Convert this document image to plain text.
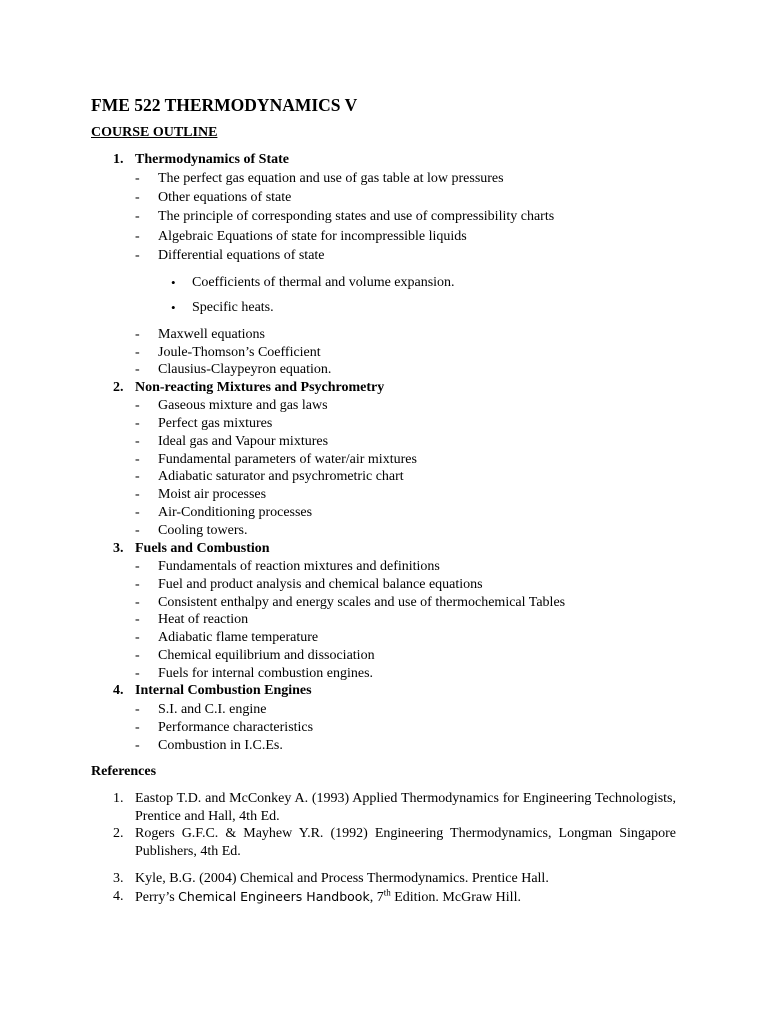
FME 522 THERMODYNAMICS V
COURSE OUTLINE
1. Thermodynamics of State
- The perfect gas equation and use of gas table at low pressures
- Other equations of state
- The principle of corresponding states and use of compressibility charts
- Algebraic Equations of state for incompressible liquids
- Differential equations of state
• Coefficients of thermal and volume expansion.
• Specific heats.
- Maxwell equations
- Joule-Thomson’s Coefficient
- Clausius-Claypeyron equation.
2. Non-reacting Mixtures and Psychrometry
- Gaseous mixture and gas laws
- Perfect gas mixtures
- Ideal gas and Vapour mixtures
- Fundamental parameters of water/air mixtures
- Adiabatic saturator and psychrometric chart
- Moist air processes
- Air-Conditioning processes
- Cooling towers.
3. Fuels and Combustion
- Fundamentals of reaction mixtures and definitions
- Fuel and product analysis and chemical balance equations
- Consistent enthalpy and energy scales and use of thermochemical Tables
- Heat of reaction
- Adiabatic flame temperature
- Chemical equilibrium and dissociation
- Fuels for internal combustion engines.
4. Internal Combustion Engines
- S.I. and C.I. engine
- Performance characteristics
- Combustion in I.C.Es.
References
1. Eastop T.D. and McConkey A. (1993) Applied Thermodynamics for Engineering Technologists, Prentice and Hall, 4th Ed.
2. Rogers G.F.C. & Mayhew Y.R. (1992) Engineering Thermodynamics, Longman Singapore Publishers, 4th Ed.
3. Kyle, B.G. (2004) Chemical and Process Thermodynamics. Prentice Hall.
4. Perry’s Chemical Engineers Handbook, 7th Edition. McGraw Hill.
